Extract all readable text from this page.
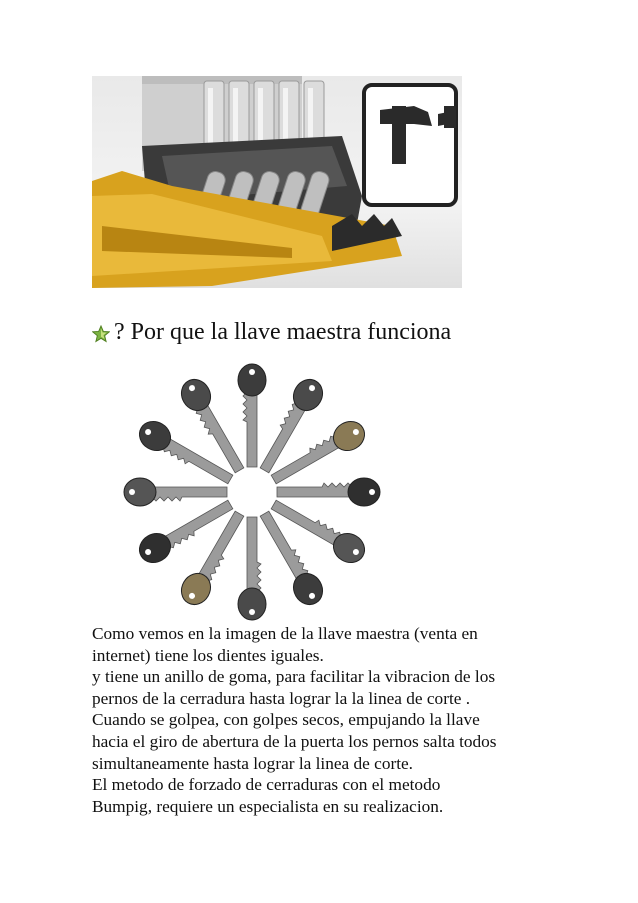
? Por que la llave maestra funciona

Como vemos en la imagen de la llave maestra (venta en

internet) tiene los dientes iguales.

y tiene un anillo de goma, para facilitar la vibracion de los

pernos de la cerradura hasta lograr la la linea de corte .

Cuando se golpea, con golpes secos, empujando la llave

hacia el giro de abertura de la puerta los pernos salta todos

simultaneamente hasta lograr la linea de corte.

El metodo de forzado de cerraduras con el metodo

Bumpig, requiere un especialista en su realizacion.
